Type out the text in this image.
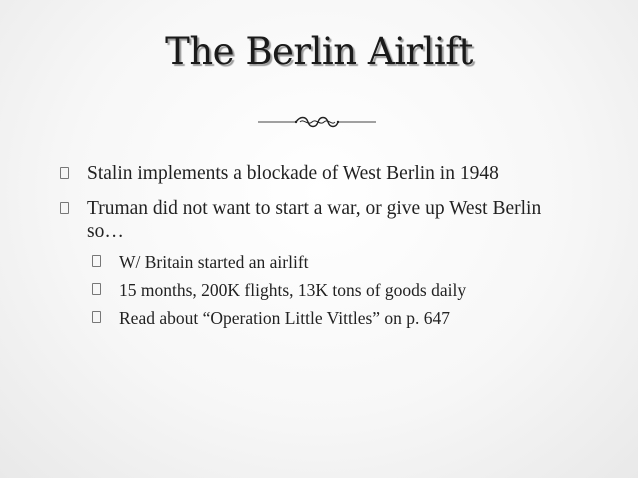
The Berlin Airlift
Stalin implements a blockade of West Berlin in 1948
Truman did not want to start a war, or give up West Berlin so…
W/ Britain started an airlift
15 months, 200K flights, 13K tons of goods daily
Read about “Operation Little Vittles” on p. 647
